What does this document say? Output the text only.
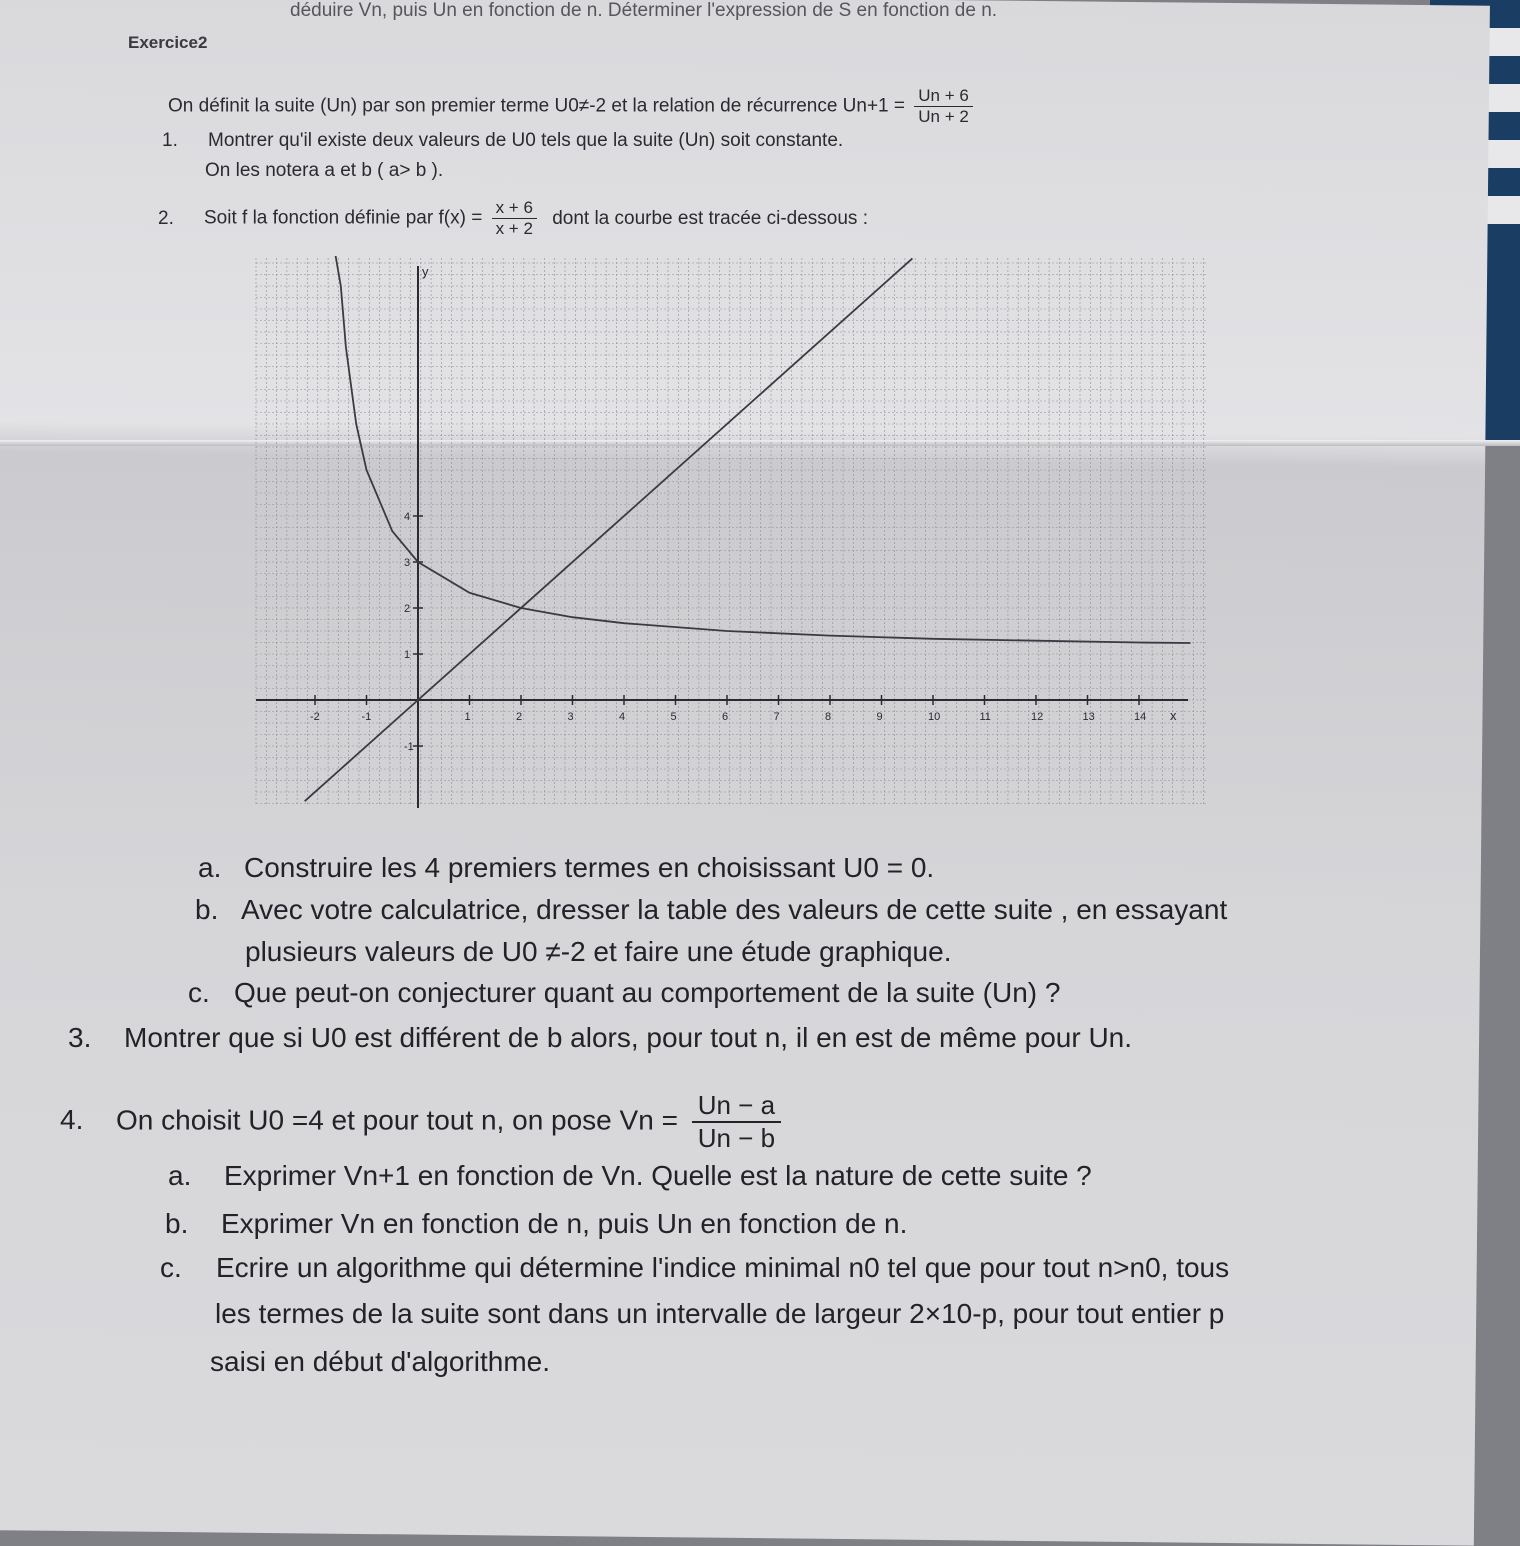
déduire Vn, puis Un en fonction de n. Déterminer l'expression de S en fonction de n.
Exercice2
On définit la suite (Un) par son premier terme U0≠-2 et la relation de récurrence $Un+1 = \frac{Un + 6}{Un + 2}$
1. Montrer qu'il existe deux valeurs de U0 tels que la suite (Un) soit constante.
On les notera a et b ( a> b ).
2. Soit f la fonction définie par $f(x) = \frac{x + 6}{x + 2}$ dont la courbe est tracée ci-dessous :
x
y
-2	-1	1	2	3	4	5	6	7	8	9	10	11	12	13	14
-1
1
2
3
4
a. Construire les 4 premiers termes en choisissant U0 = 0.
b. Avec votre calculatrice, dresser la table des valeurs de cette suite , en essayant
plusieurs valeurs de U0 ≠-2 et faire une étude graphique.
c. Que peut-on conjecturer quant au comportement de la suite (Un) ?
3. Montrer que si U0 est différent de b alors, pour tout n, il en est de même pour Un.
4. On choisit U0 =4 et pour tout n, on pose $Vn = \frac{Un - a}{Un - b}$
a. Exprimer Vn+1 en fonction de Vn. Quelle est la nature de cette suite ?
b. Exprimer Vn en fonction de n, puis Un en fonction de n.
c. Ecrire un algorithme qui détermine l'indice minimal n0 tel que pour tout n>n0, tous
les termes de la suite sont dans un intervalle de largeur 2×10-p, pour tout entier p
saisi en début d'algorithme.
